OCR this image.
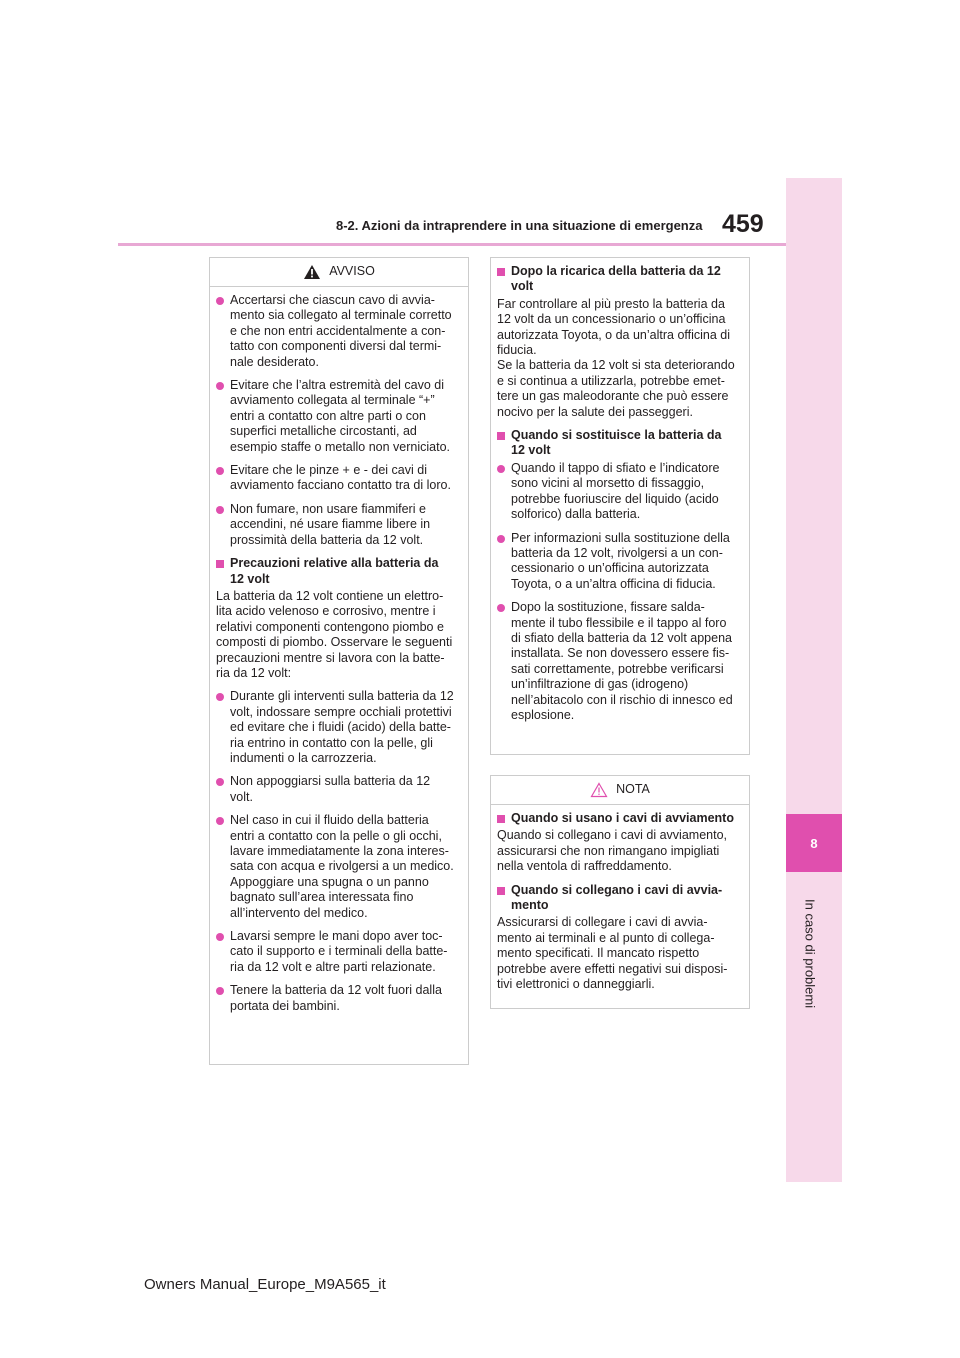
8-2. Azioni da intraprendere in una situazione di emergenza 459
8
In caso di problemi
AVVISO
Accertarsi che ciascun cavo di avvia-
mento sia collegato al terminale corretto
e che non entri accidentalmente a con-
tatto con componenti diversi dal termi-
nale desiderato.
Evitare che l’altra estremità del cavo di
avviamento collegata al terminale “+”
entri a contatto con altre parti o con
superfici metalliche circostanti, ad
esempio staffe o metallo non verniciato.
Evitare che le pinze + e - dei cavi di
avviamento facciano contatto tra di loro.
Non fumare, non usare fiammiferi e
accendini, né usare fiamme libere in
prossimità della batteria da 12 volt.
Precauzioni relative alla batteria da
12 volt
La batteria da 12 volt contiene un elettro-
lita acido velenoso e corrosivo, mentre i
relativi componenti contengono piombo e
composti di piombo. Osservare le seguenti
precauzioni mentre si lavora con la batte-
ria da 12 volt:
Durante gli interventi sulla batteria da 12
volt, indossare sempre occhiali protettivi
ed evitare che i fluidi (acido) della batte-
ria entrino in contatto con la pelle, gli
indumenti o la carrozzeria.
Non appoggiarsi sulla batteria da 12
volt.
Nel caso in cui il fluido della batteria
entri a contatto con la pelle o gli occhi,
lavare immediatamente la zona interes-
sata con acqua e rivolgersi a un medico.
Appoggiare una spugna o un panno
bagnato sull’area interessata fino
all’intervento del medico.
Lavarsi sempre le mani dopo aver toc-
cato il supporto e i terminali della batte-
ria da 12 volt e altre parti relazionate.
Tenere la batteria da 12 volt fuori dalla
portata dei bambini.
Dopo la ricarica della batteria da 12
volt
Far controllare al più presto la batteria da
12 volt da un concessionario o un’officina
autorizzata Toyota, o da un’altra officina di
fiducia.
Se la batteria da 12 volt si sta deteriorando
e si continua a utilizzarla, potrebbe emet-
tere un gas maleodorante che può essere
nocivo per la salute dei passeggeri.
Quando si sostituisce la batteria da
12 volt
Quando il tappo di sfiato e l’indicatore
sono vicini al morsetto di fissaggio,
potrebbe fuoriuscire del liquido (acido
solforico) dalla batteria.
Per informazioni sulla sostituzione della
batteria da 12 volt, rivolgersi a un con-
cessionario o un’officina autorizzata
Toyota, o a un’altra officina di fiducia.
Dopo la sostituzione, fissare salda-
mente il tubo flessibile e il tappo al foro
di sfiato della batteria da 12 volt appena
installata. Se non dovessero essere fis-
sati correttamente, potrebbe verificarsi
un’infiltrazione di gas (idrogeno)
nell’abitacolo con il rischio di innesco ed
esplosione.
NOTA
Quando si usano i cavi di avviamento
Quando si collegano i cavi di avviamento,
assicurarsi che non rimangano impigliati
nella ventola di raffreddamento.
Quando si collegano i cavi di avvia-
mento
Assicurarsi di collegare i cavi di avvia-
mento ai terminali e al punto di collega-
mento specificati. Il mancato rispetto
potrebbe avere effetti negativi sui disposi-
tivi elettronici o danneggiarli.
Owners Manual_Europe_M9A565_it
